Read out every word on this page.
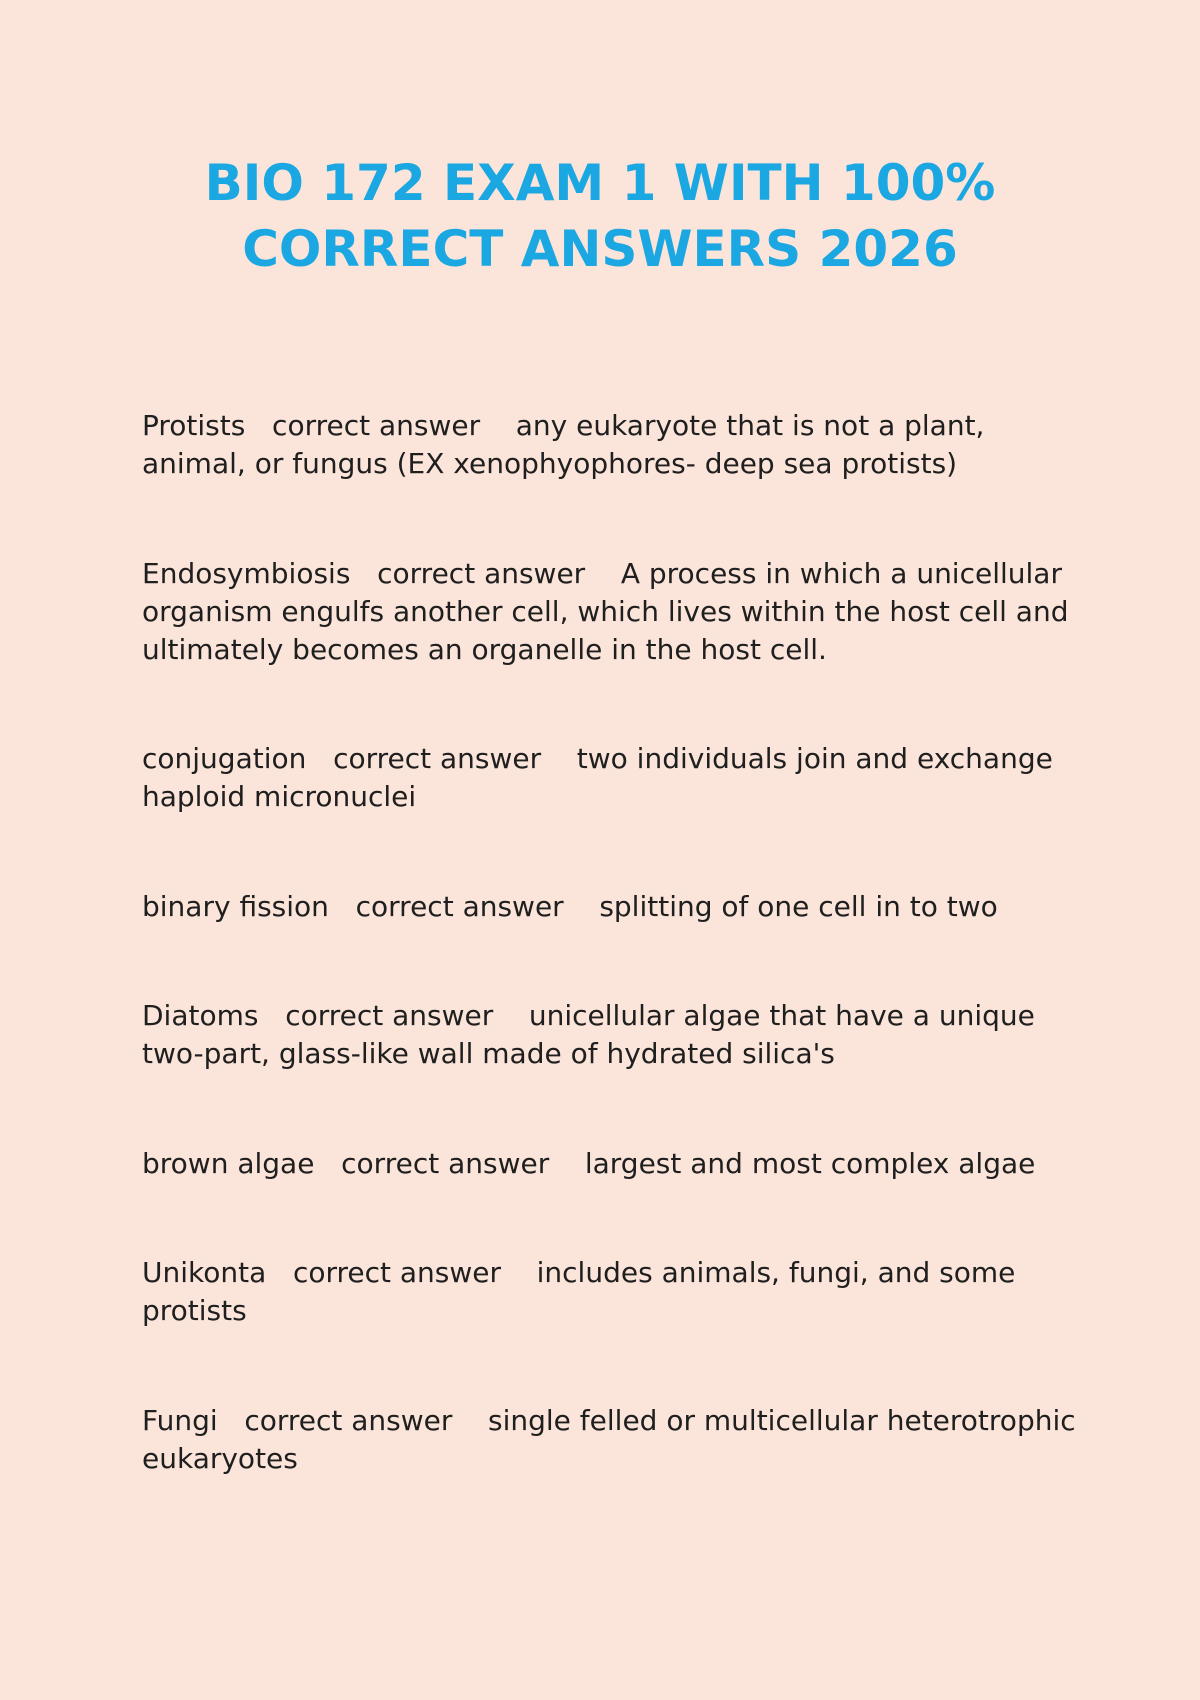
BIO 172 EXAM 1 WITH 100%
CORRECT ANSWERS 2026

Protists correct answer any eukaryote that is not a plant, animal, or fungus (EX xenophyophores- deep sea protists)

Endosymbiosis correct answer A process in which a unicellular organism engulfs another cell, which lives within the host cell and ultimately becomes an organelle in the host cell.

conjugation correct answer two individuals join and exchange haploid micronuclei

binary fission correct answer splitting of one cell in to two

Diatoms correct answer unicellular algae that have a unique two-part, glass-like wall made of hydrated silica's

brown algae correct answer largest and most complex algae

Unikonta correct answer includes animals, fungi, and some protists

Fungi correct answer single felled or multicellular heterotrophic eukaryotes
